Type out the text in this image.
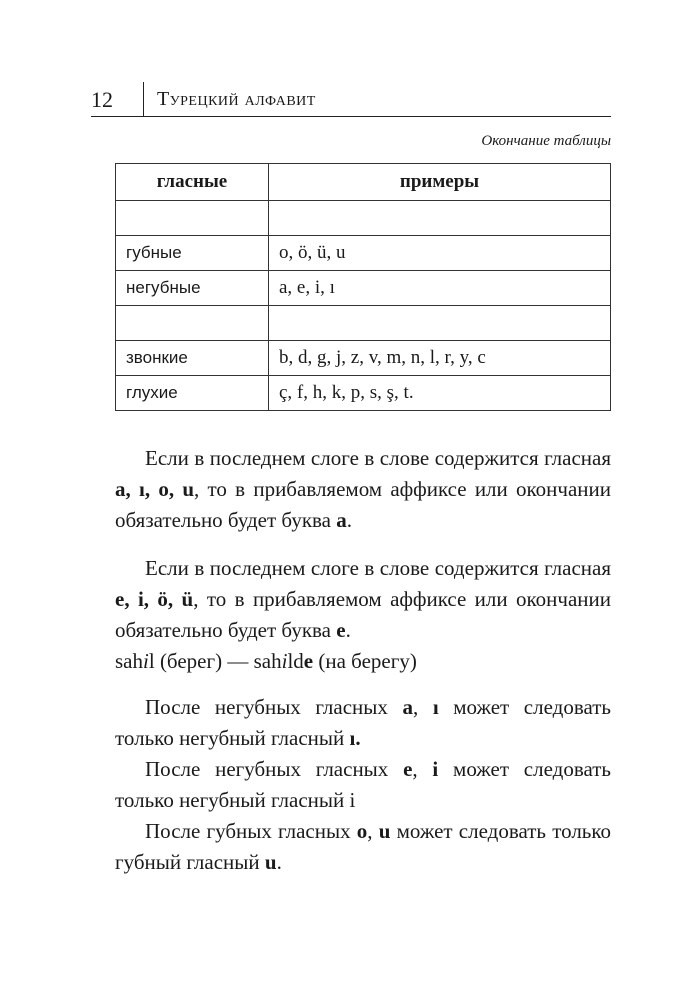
12 Турецкий алфавит
Окончание таблицы
гласные	примеры

губные	o, ö, ü, u
негубные	a, e, i, ı

звонкие	b, d, g, j, z, v, m, n, l, r, y, c
глухие	ç, f, h, k, p, s, ş, t.

Если в последнем слоге в слове содержится гласная a, ı, o, u, то в прибавляемом аффиксе или окончании обязательно будет буква a.

Если в последнем слоге в слове содержится гласная e, i, ö, ü, то в прибавляемом аффиксе или окончании обязательно будет буква e.

sahil (берег) — sahilde (на берегу)

После негубных гласных a, ı может следовать только негубный гласный ı.

После негубных гласных e, i может следовать только негубный гласный i

После губных гласных o, u может следовать только губный гласный u.
